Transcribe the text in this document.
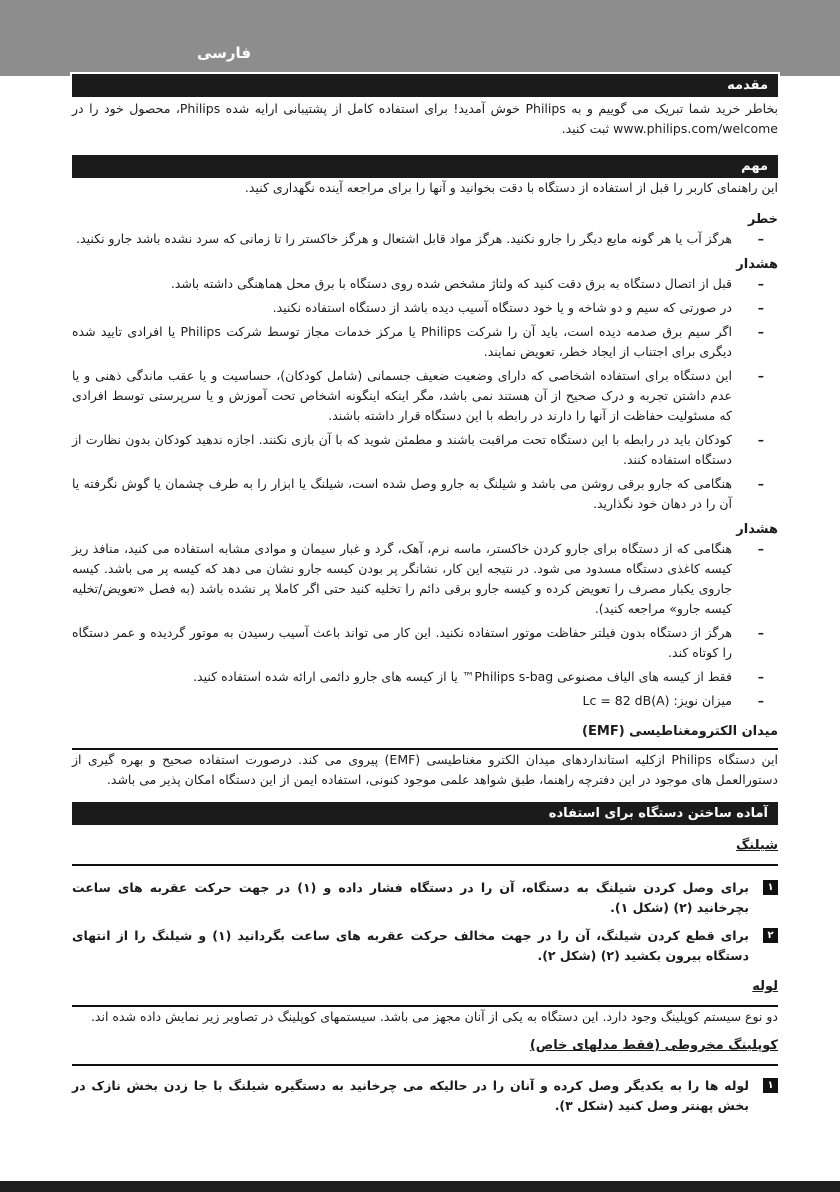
فارسی
مقدمه

بخاطر خرید شما تبریک می گوییم و به Philips خوش آمدید! برای استفاده کامل از پشتیبانی ارایه شده Philips، محصول خود را در www.philips.com/welcome ثبت کنید.

مهم

این راهنمای کاربر را قبل از استفاده از دستگاه با دقت بخوانید و آنها را برای مراجعه آینده نگهداری کنید.

خطر
–
هرگز آب یا هر گونه مایع دیگر را جارو نکنید. هرگز مواد قابل اشتعال و هرگز خاکستر را تا زمانی که سرد نشده باشد جارو نکنید.
هشدار
–
قبل از اتصال دستگاه به برق دقت کنید که ولتاژ مشخص شده روی دستگاه با برق محل هماهنگی داشته باشد.
–
در صورتی که سیم و دو شاخه و یا خود دستگاه آسیب دیده باشد از دستگاه استفاده نکنید.
–
اگر سیم برق صدمه دیده است، باید آن را شرکت Philips یا مرکز خدمات مجاز توسط شرکت Philips یا افرادی تایید شده دیگری برای اجتناب از ایجاد خطر، تعویض نمایند.
–
این دستگاه برای استفاده اشخاصی که دارای وضعیت ضعیف جسمانی (شامل کودکان)، حساسیت و یا عقب ماندگی ذهنی و یا عدم داشتن تجربه و درک صحیح از آن هستند نمی باشد، مگر اینکه اینگونه اشخاص تحت آموزش و یا سرپرستی توسط افرادی که مسئولیت حفاظت از آنها را دارند در رابطه با این دستگاه قرار داشته باشند.
–
کودکان باید در رابطه با این دستگاه تحت مراقبت باشند و مطمئن شوید که با آن بازی نکنند. اجازه ندهید کودکان بدون نظارت از دستگاه استفاده کنند.
–
هنگامی که جارو برقی روشن می باشد و شیلنگ به جارو وصل شده است، شیلنگ یا ابزار را به طرف چشمان یا گوش نگرفته یا آن را در دهان خود نگذارید.
هشدار
–
هنگامی که از دستگاه برای جارو کردن خاکستر، ماسه نرم، آهک، گرد و غبار سیمان و موادی مشابه استفاده می کنید، منافذ ریز کیسه کاغذی دستگاه مسدود می شود. در نتیجه این کار، نشانگر پر بودن کیسه جارو نشان می دهد که کیسه پر می باشد. کیسه جاروی یکبار مصرف را تعویض کرده و کیسه جارو برقی دائم را تخلیه کنید حتی اگر کاملا پر نشده باشد (به فصل «تعویض/تخلیه کیسه جارو» مراجعه کنید).
–
هرگز از دستگاه بدون فیلتر حفاظت موتور استفاده نکنید. این کار می تواند باعث آسیب رسیدن به موتور گردیده و عمر دستگاه را کوتاه کند.
–
فقط از کیسه های الیاف مصنوعی Philips s-bag™ یا از کیسه های جارو دائمی ارائه شده استفاده کنید.
–
میزان نویز: Lc = 82 dB(A)
میدان الکترومغناطیسی (EMF)

این دستگاه Philips ازکلیه استانداردهای میدان الکترو مغناطیسی (EMF) پیروی می کند. درصورت استفاده صحیح و بهره گیری از دستورالعمل های موجود در این دفترچه راهنما، طبق شواهد علمی موجود کنونی، استفاده ایمن از این دستگاه امکان پذیر می باشد.

آماده ساختن دستگاه برای استفاده
شیلنگ
۱
برای وصل کردن شیلنگ به دستگاه، آن را در دستگاه فشار داده و (۱) در جهت حرکت عقربه های ساعت بچرخانید (۲) (شکل ۱).
۲
برای قطع کردن شیلنگ، آن را در جهت مخالف حرکت عقربه های ساعت بگردانید (۱) و شیلنگ را از انتهای دستگاه بیرون بکشید (۲) (شکل ۲).
لوله

دو نوع سیستم کوپلینگ وجود دارد. این دستگاه به یکی از آنان مجهز می باشد. سیستمهای کوپلینگ در تصاویر زیر نمایش داده شده اند.

کوپلینگ مخروطی (فقط مدلهای خاص)
۱
لوله ها را به یکدیگر وصل کرده و آنان را در حالیکه می چرخانید به دستگیره شیلنگ با جا زدن بخش نازک در بخش پهنتر وصل کنید (شکل ۳).
